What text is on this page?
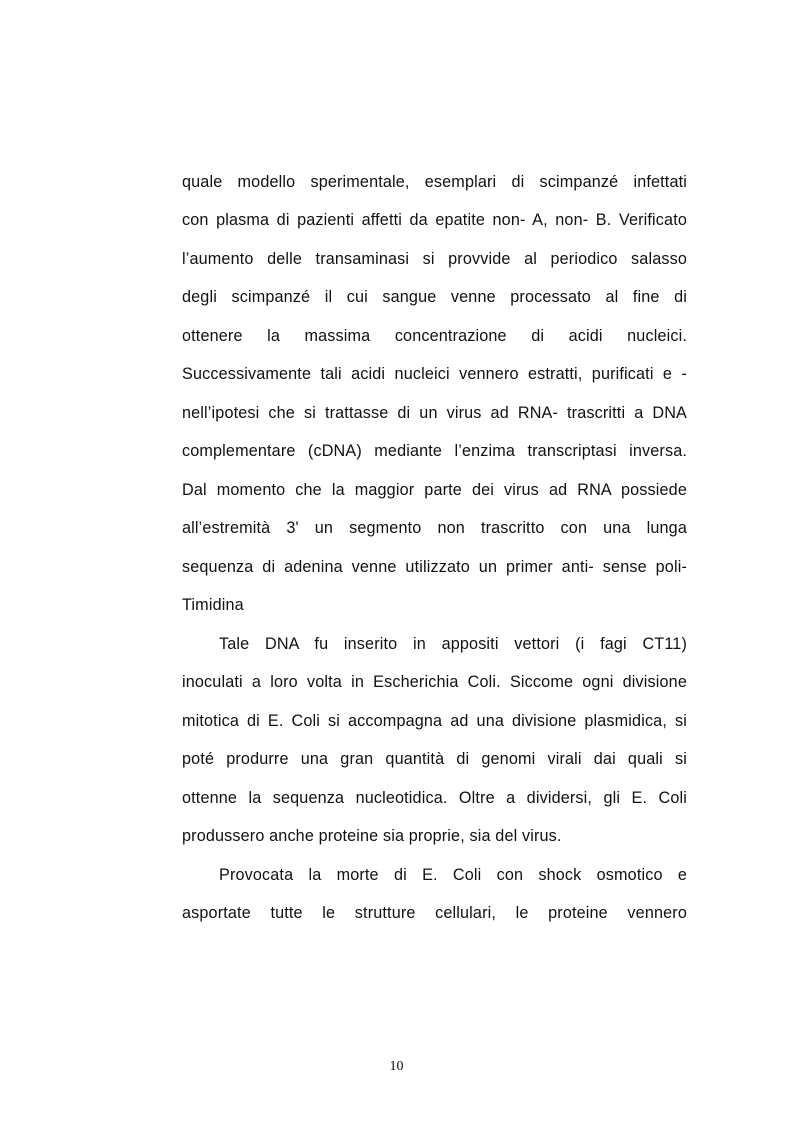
quale modello sperimentale, esemplari di scimpanzé infettati
con plasma di pazienti affetti da epatite non- A, non- B. Verificato
l’aumento delle transaminasi si provvide al periodico salasso
degli scimpanzé il cui sangue venne processato al fine di
ottenere la massima concentrazione di acidi nucleici.
Successivamente tali acidi nucleici vennero estratti, purificati e -
nell’ipotesi che si trattasse di un virus ad RNA- trascritti a DNA
complementare (cDNA) mediante l’enzima transcriptasi inversa.
Dal momento che la maggior parte dei virus ad RNA possiede
all’estremità 3' un segmento non trascritto con una lunga
sequenza di adenina venne utilizzato un primer anti- sense poli-
Timidina
Tale DNA fu inserito in appositi vettori (i fagi CT11)
inoculati a loro volta in Escherichia Coli. Siccome ogni divisione
mitotica di E. Coli si accompagna ad una divisione plasmidica, si
poté produrre una gran quantità di genomi virali dai quali si
ottenne la sequenza nucleotidica. Oltre a dividersi, gli E. Coli
produssero anche proteine sia proprie, sia del virus.
Provocata la morte di E. Coli con shock osmotico e
asportate tutte le strutture cellulari, le proteine vennero
10
